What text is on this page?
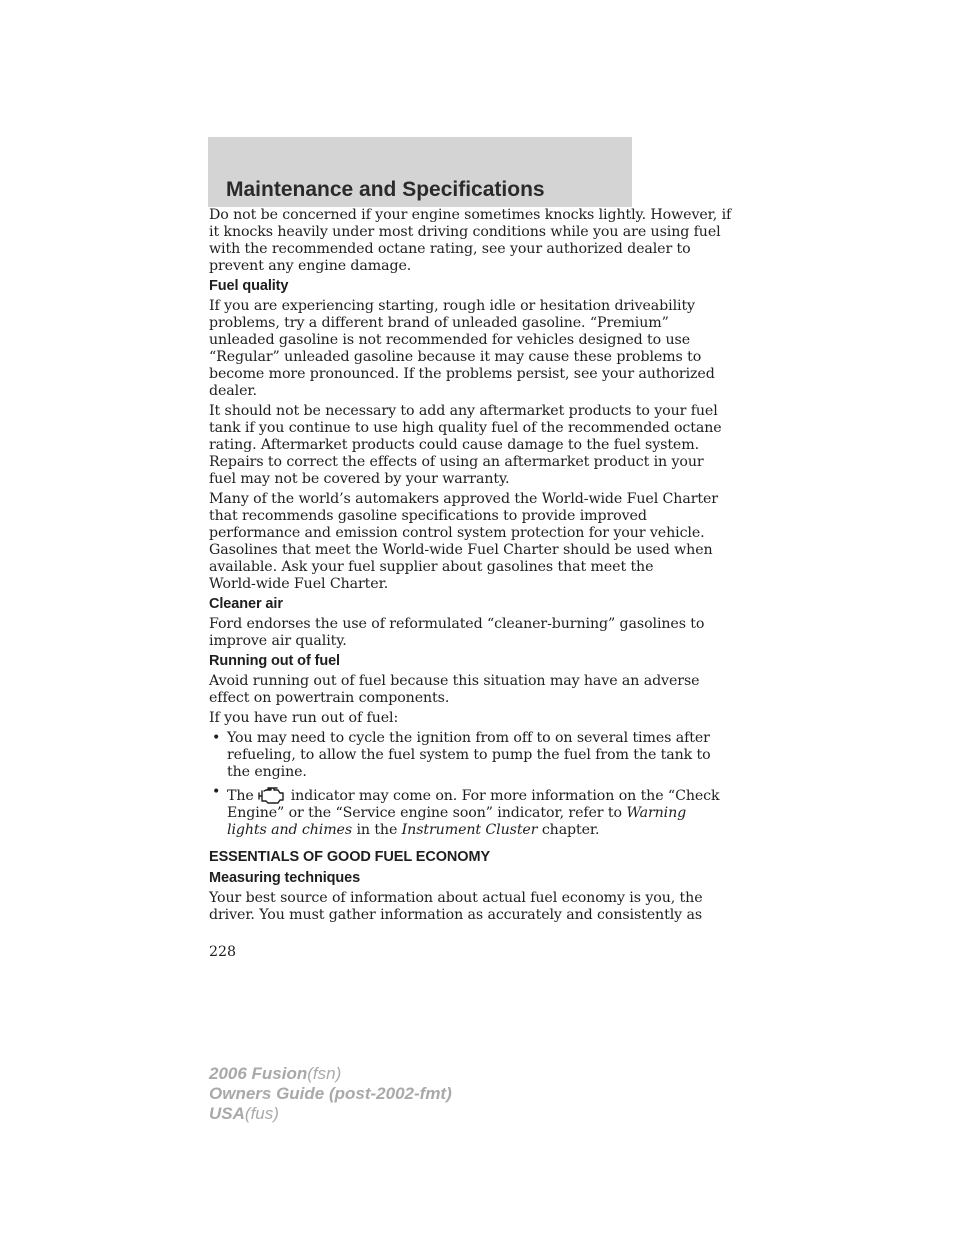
Maintenance and Specifications
Do not be concerned if your engine sometimes knocks lightly. However, if
it knocks heavily under most driving conditions while you are using fuel
with the recommended octane rating, see your authorized dealer to
prevent any engine damage.
Fuel quality
If you are experiencing starting, rough idle or hesitation driveability
problems, try a different brand of unleaded gasoline. “Premium”
unleaded gasoline is not recommended for vehicles designed to use
“Regular” unleaded gasoline because it may cause these problems to
become more pronounced. If the problems persist, see your authorized
dealer.
It should not be necessary to add any aftermarket products to your fuel
tank if you continue to use high quality fuel of the recommended octane
rating. Aftermarket products could cause damage to the fuel system.
Repairs to correct the effects of using an aftermarket product in your
fuel may not be covered by your warranty.
Many of the world’s automakers approved the World-wide Fuel Charter
that recommends gasoline specifications to provide improved
performance and emission control system protection for your vehicle.
Gasolines that meet the World-wide Fuel Charter should be used when
available. Ask your fuel supplier about gasolines that meet the
World-wide Fuel Charter.
Cleaner air
Ford endorses the use of reformulated “cleaner-burning” gasolines to
improve air quality.
Running out of fuel
Avoid running out of fuel because this situation may have an adverse
effect on powertrain components.
If you have run out of fuel:
• You may need to cycle the ignition from off to on several times after
refueling, to allow the fuel system to pump the fuel from the tank to
the engine.
• The	indicator may come on. For more information on the “Check
Engine” or the “Service engine soon” indicator, refer to Warning
lights and chimes in the Instrument Cluster chapter.
ESSENTIALS OF GOOD FUEL ECONOMY
Measuring techniques
Your best source of information about actual fuel economy is you, the
driver. You must gather information as accurately and consistently as
228
2006 Fusion(fsn)
Owners Guide (post-2002-fmt)
USA(fus)
